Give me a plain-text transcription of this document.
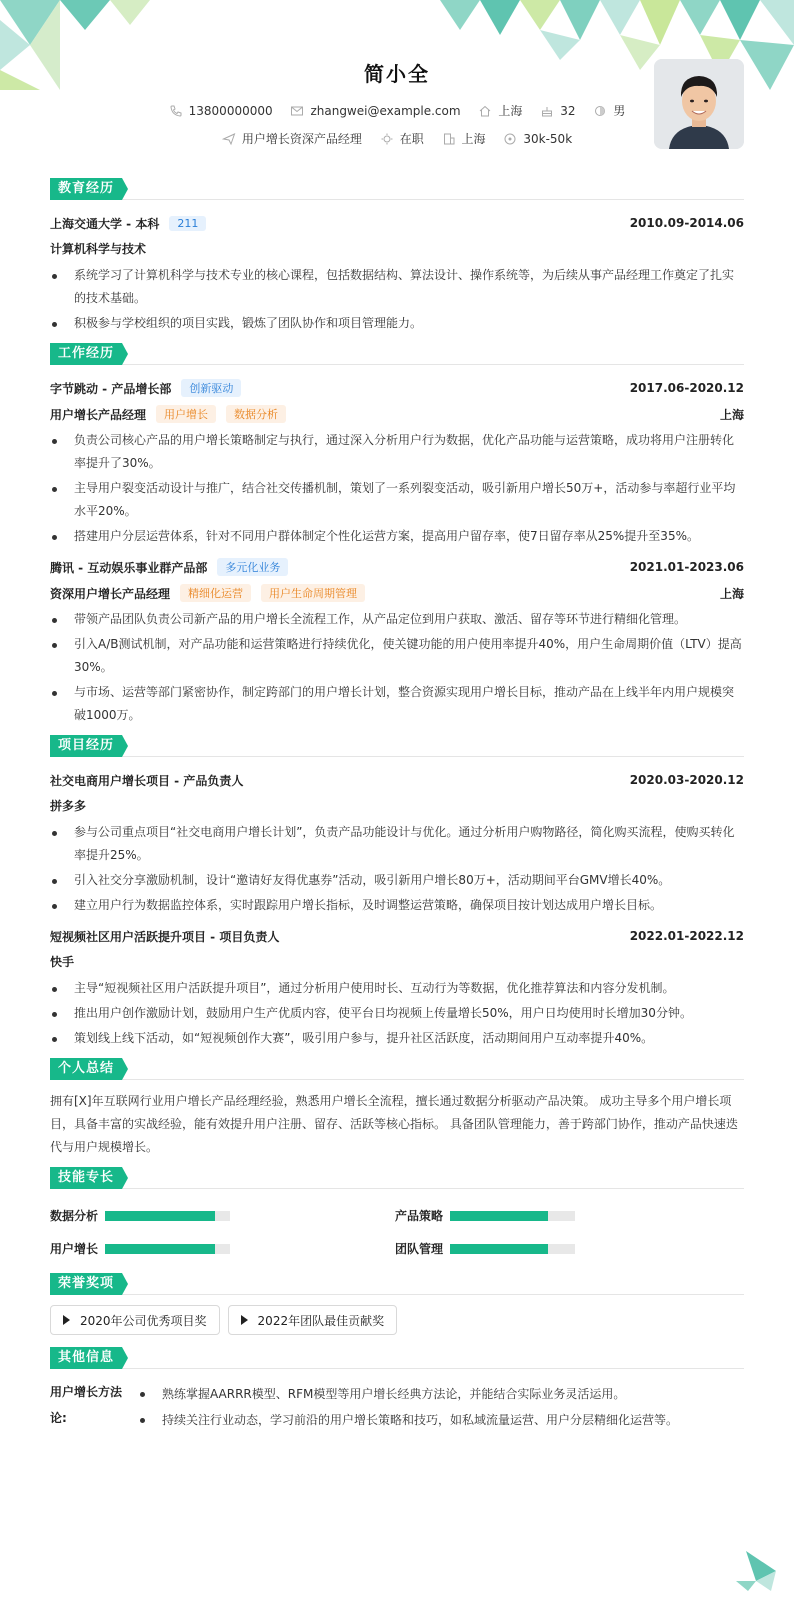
简小全
13800000000
	zhangwei@example.com
	上海
	32
	男
用户增长资深产品经理
	在职
	上海
	30k-50k
教育经历
上海交通大学 - 本科	211	2010.09-2014.06
计算机科学与技术
系统学习了计算机科学与技术专业的核心课程，包括数据结构、算法设计、操作系统等，为后续从事产品经理工作奠定了扎实的技术基础。
积极参与学校组织的项目实践，锻炼了团队协作和项目管理能力。
工作经历
字节跳动 - 产品增长部	创新驱动	2017.06-2020.12
用户增长产品经理	用户增长	数据分析	上海
负责公司核心产品的用户增长策略制定与执行，通过深入分析用户行为数据，优化产品功能与运营策略，成功将用户注册转化率提升了30%。
主导用户裂变活动设计与推广，结合社交传播机制，策划了一系列裂变活动，吸引新用户增长50万+，活动参与率超行业平均水平20%。
搭建用户分层运营体系，针对不同用户群体制定个性化运营方案，提高用户留存率，使7日留存率从25%提升至35%。
腾讯 - 互动娱乐事业群产品部	多元化业务	2021.01-2023.06
资深用户增长产品经理	精细化运营	用户生命周期管理	上海
带领产品团队负责公司新产品的用户增长全流程工作，从产品定位到用户获取、激活、留存等环节进行精细化管理。
引入A/B测试机制，对产品功能和运营策略进行持续优化，使关键功能的用户使用率提升40%，用户生命周期价值（LTV）提高30%。
与市场、运营等部门紧密协作，制定跨部门的用户增长计划，整合资源实现用户增长目标，推动产品在上线半年内用户规模突破1000万。
项目经历
社交电商用户增长项目 - 产品负责人	2020.03-2020.12
拼多多
参与公司重点项目“社交电商用户增长计划”，负责产品功能设计与优化。通过分析用户购物路径，简化购买流程，使购买转化率提升25%。
引入社交分享激励机制，设计“邀请好友得优惠券”活动，吸引新用户增长80万+，活动期间平台GMV增长40%。
建立用户行为数据监控体系，实时跟踪用户增长指标，及时调整运营策略，确保项目按计划达成用户增长目标。
短视频社区用户活跃提升项目 - 项目负责人	2022.01-2022.12
快手
主导“短视频社区用户活跃提升项目”，通过分析用户使用时长、互动行为等数据，优化推荐算法和内容分发机制。
推出用户创作激励计划，鼓励用户生产优质内容，使平台日均视频上传量增长50%，用户日均使用时长增加30分钟。
策划线上线下活动，如“短视频创作大赛”，吸引用户参与，提升社区活跃度，活动期间用户互动率提升40%。
个人总结
拥有[X]年互联网行业用户增长产品经理经验，熟悉用户增长全流程，擅长通过数据分析驱动产品决策。 成功主导多个用户增长项目，具备丰富的实战经验，能有效提升用户注册、留存、活跃等核心指标。 具备团队管理能力，善于跨部门协作，推动产品快速迭代与用户规模增长。
技能专长
数据分析	产品策略
用户增长	团队管理
荣誉奖项
2020年公司优秀项目奖	2022年团队最佳贡献奖
其他信息
用户增长方法论:
熟练掌握AARRR模型、RFM模型等用户增长经典方法论，并能结合实际业务灵活运用。
持续关注行业动态，学习前沿的用户增长策略和技巧，如私域流量运营、用户分层精细化运营等。
